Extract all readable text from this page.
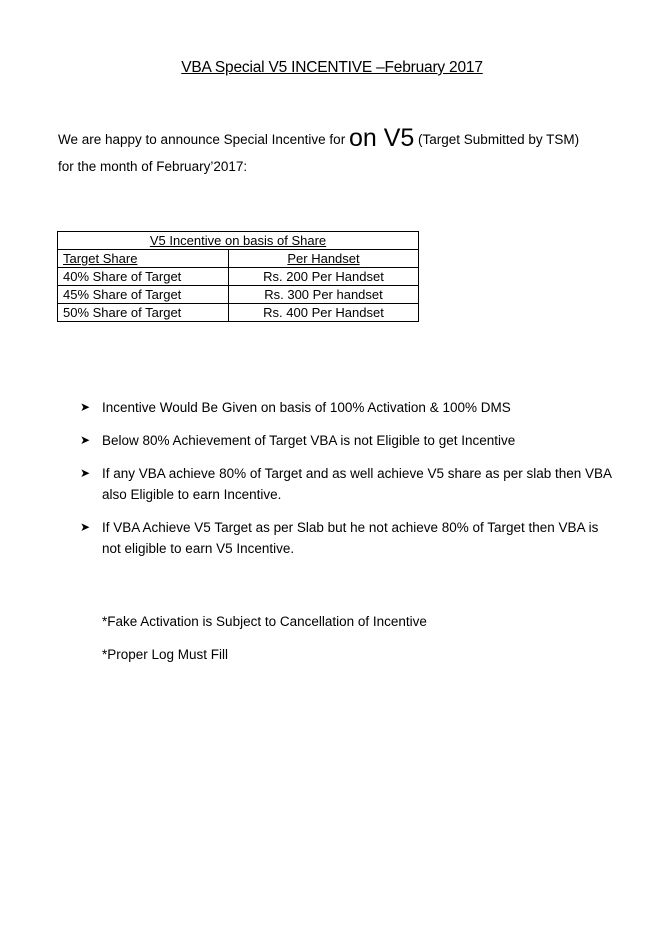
VBA Special V5 INCENTIVE –February 2017
We are happy to announce Special Incentive for on V5 (Target Submitted by TSM)
for the month of February’2017:
V5 Incentive on basis of Share	
Target Share	Per Handset
40% Share of Target	Rs. 200 Per Handset
45% Share of Target	Rs. 300 Per handset
50% Share of Target	Rs. 400 Per Handset
➤ Incentive Would Be Given on basis of 100% Activation & 100% DMS
➤ Below 80% Achievement of Target VBA is not Eligible to get Incentive
➤ If any VBA achieve 80% of Target and as well achieve V5 share as per slab then VBA also Eligible to earn Incentive.
➤ If VBA Achieve V5 Target as per Slab but he not achieve 80% of Target then VBA is not eligible to earn V5 Incentive.

*Fake Activation is Subject to Cancellation of Incentive

*Proper Log Must Fill
